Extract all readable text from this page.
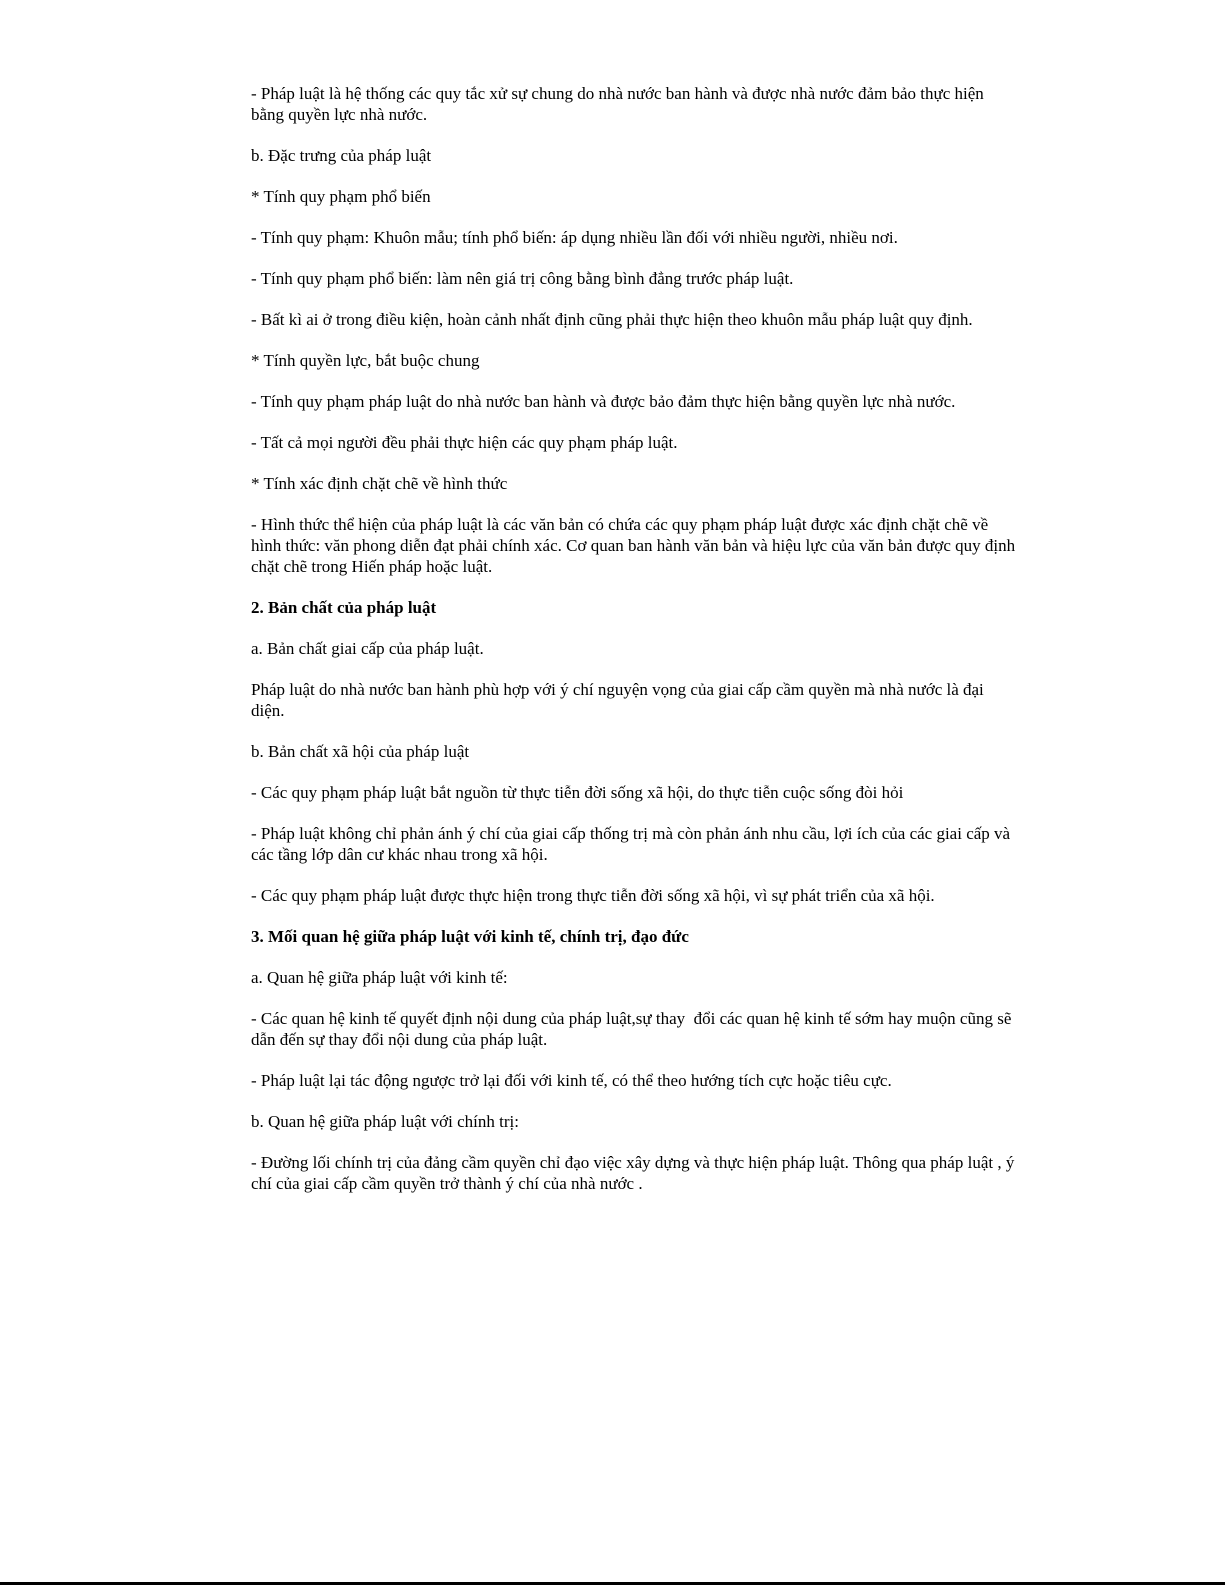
- Pháp luật là hệ thống các quy tắc xử sự chung do nhà nước ban hành và được nhà nước đảm bảo thực hiện bằng quyền lực nhà nước.

b. Đặc trưng của pháp luật

* Tính quy phạm phổ biến

- Tính quy phạm: Khuôn mẫu; tính phổ biến: áp dụng nhiều lần đối với nhiều người, nhiều nơi.

- Tính quy phạm phổ biến: làm nên giá trị công bằng bình đẳng trước pháp luật.

- Bất kì ai ở trong điều kiện, hoàn cảnh nhất định cũng phải thực hiện theo khuôn mẫu pháp luật quy định.

* Tính quyền lực, bắt buộc chung

- Tính quy phạm pháp luật do nhà nước ban hành và được bảo đảm thực hiện bằng quyền lực nhà nước.

- Tất cả mọi người đều phải thực hiện các quy phạm pháp luật.

* Tính xác định chặt chẽ về hình thức

- Hình thức thể hiện của pháp luật là các văn bản có chứa các quy phạm pháp luật được xác định chặt chẽ về hình thức: văn phong diễn đạt phải chính xác. Cơ quan ban hành văn bản và hiệu lực của văn bản được quy định chặt chẽ trong Hiến pháp hoặc luật.

2. Bản chất của pháp luật

a. Bản chất giai cấp của pháp luật.

Pháp luật do nhà nước ban hành phù hợp với ý chí nguyện vọng của giai cấp cầm quyền mà nhà nước là đại diện.

b. Bản chất xã hội của pháp luật

- Các quy phạm pháp luật bắt nguồn từ thực tiễn đời sống xã hội, do thực tiễn cuộc sống đòi hỏi

- Pháp luật không chỉ phản ánh ý chí của giai cấp thống trị mà còn phản ánh nhu cầu, lợi ích của các giai cấp và các tầng lớp dân cư khác nhau trong xã hội.

- Các quy phạm pháp luật được thực hiện trong thực tiễn đời sống xã hội, vì sự phát triển của xã hội.

3. Mối quan hệ giữa pháp luật với kinh tế, chính trị, đạo đức

a. Quan hệ giữa pháp luật với kinh tế:

- Các quan hệ kinh tế quyết định nội dung của pháp luật,sự thay  đổi các quan hệ kinh tế sớm hay muộn cũng sẽ dẫn đến sự thay đổi nội dung của pháp luật.

- Pháp luật lại tác động ngược trở lại đối với kinh tế, có thể theo hướng tích cực hoặc tiêu cực.

b. Quan hệ giữa pháp luật với chính trị:

- Đường lối chính trị của đảng cầm quyền chỉ đạo việc xây dựng và thực hiện pháp luật. Thông qua pháp luật , ý chí của giai cấp cầm quyền trở thành ý chí của nhà nước .
